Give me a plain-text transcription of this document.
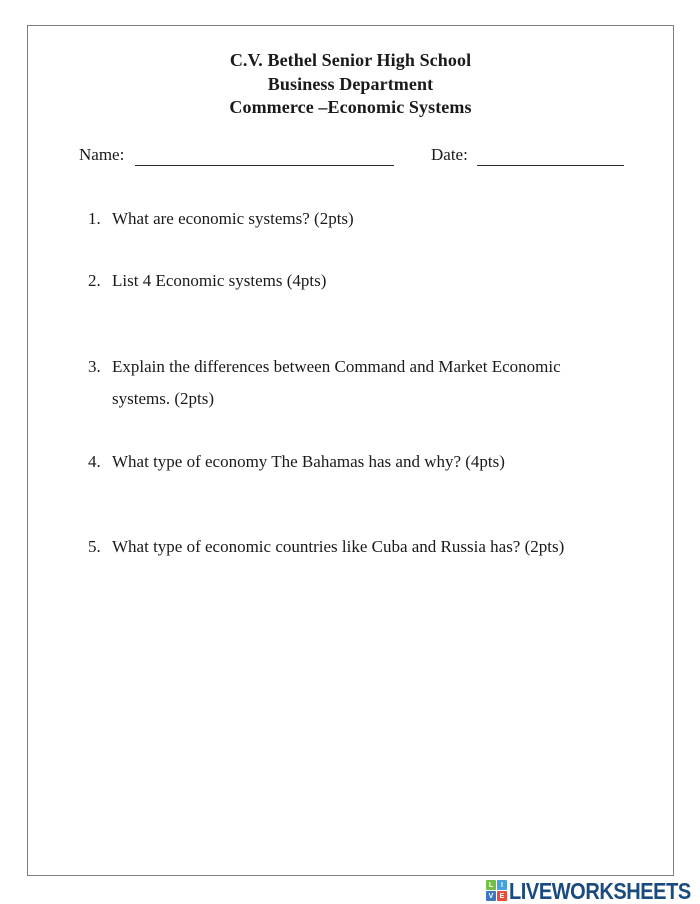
C.V. Bethel Senior High School
Business Department
Commerce –Economic Systems
Name:	Date:
1. What are economic systems? (2pts)
2. List 4 Economic systems (4pts)
3. Explain the differences between Command and Market Economic
systems. (2pts)
4. What type of economy The Bahamas has and why? (4pts)
5. What type of economic countries like Cuba and Russia has? (2pts)
L	I
V E LIVEWORKSHEETS
